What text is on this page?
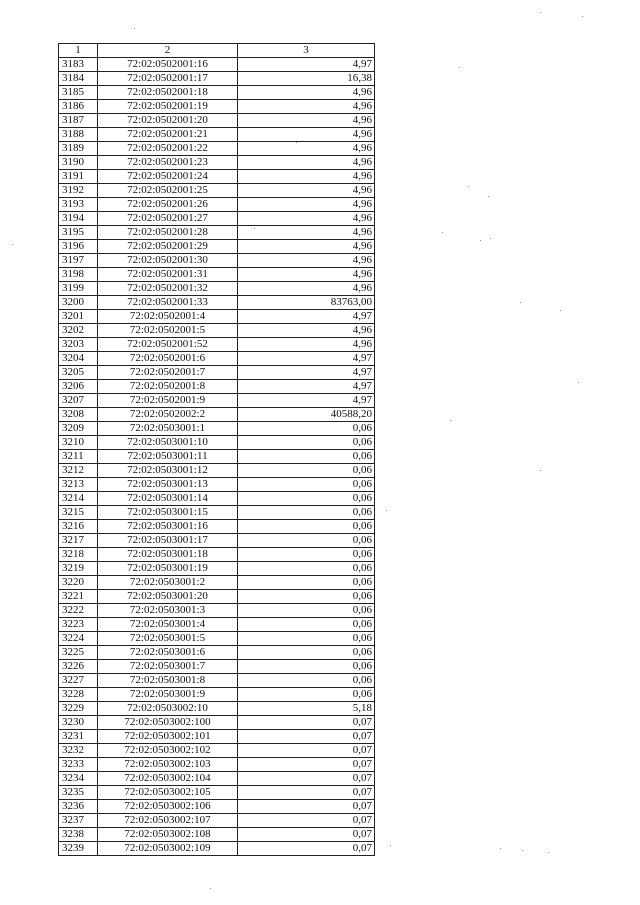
1	2	3
3183	72:02:0502001:16	4,97
3184	72:02:0502001:17	16,38
3185	72:02:0502001:18	4,96
3186	72:02:0502001:19	4,96
3187	72:02:0502001:20	4,96
3188	72:02:0502001:21	4,96
3189	72:02:0502001:22	4,96
3190	72:02:0502001:23	4,96
3191	72:02:0502001:24	4,96
3192	72:02:0502001:25	4,96
3193	72:02:0502001:26	4,96
3194	72:02:0502001:27	4,96
3195	72:02:0502001:28	4,96
3196	72:02:0502001:29	4,96
3197	72:02:0502001:30	4,96
3198	72:02:0502001:31	4,96
3199	72:02:0502001:32	4,96
3200	72:02:0502001:33	83763,00
3201	72:02:0502001:4	4,97
3202	72:02:0502001:5	4,96
3203	72:02:0502001:52	4,96
3204	72:02:0502001:6	4,97
3205	72:02:0502001:7	4,97
3206	72:02:0502001:8	4,97
3207	72:02:0502001:9	4,97
3208	72:02:0502002:2	40588,20
3209	72:02:0503001:1	0,06
3210	72:02:0503001:10	0,06
3211	72:02:0503001:11	0,06
3212	72:02:0503001:12	0,06
3213	72:02:0503001:13	0,06
3214	72:02:0503001:14	0,06
3215	72:02:0503001:15	0,06
3216	72:02:0503001:16	0,06
3217	72:02:0503001:17	0,06
3218	72:02:0503001:18	0,06
3219	72:02:0503001:19	0,06
3220	72:02:0503001:2	0,06
3221	72:02:0503001:20	0,06
3222	72:02:0503001:3	0,06
3223	72:02:0503001:4	0,06
3224	72:02:0503001:5	0,06
3225	72:02:0503001:6	0,06
3226	72:02:0503001:7	0,06
3227	72:02:0503001:8	0,06
3228	72:02:0503001:9	0,06
3229	72:02:0503002:10	5,18
3230	72:02:0503002:100	0,07
3231	72:02:0503002:101	0,07
3232	72:02:0503002:102	0,07
3233	72:02:0503002:103	0,07
3234	72:02:0503002:104	0,07
3235	72:02:0503002:105	0,07
3236	72:02:0503002:106	0,07
3237	72:02:0503002:107	0,07
3238	72:02:0503002:108	0,07
3239	72:02:0503002:109	0,07
